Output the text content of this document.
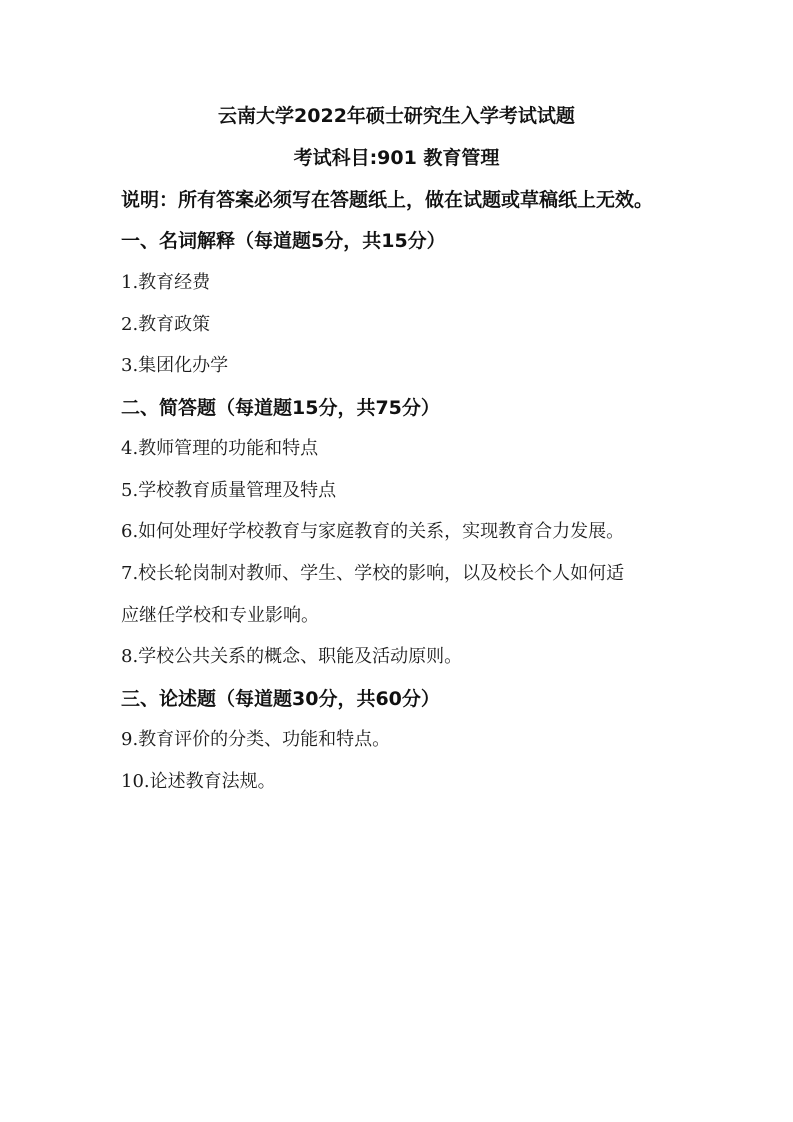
云南大学2022年硕士研究生入学考试试题
考试科目:901 教育管理
说明：所有答案必须写在答题纸上，做在试题或草稿纸上无效。
一、名词解释（每道题5分，共15分）
1.教育经费
2.教育政策
3.集团化办学
二、简答题（每道题15分，共75分）
4.教师管理的功能和特点
5.学校教育质量管理及特点
6.如何处理好学校教育与家庭教育的关系，实现教育合力发展。
7.校长轮岗制对教师、学生、学校的影响，以及校长个人如何适
应继任学校和专业影响。
8.学校公共关系的概念、职能及活动原则。
三、论述题（每道题30分，共60分）
9.教育评价的分类、功能和特点。
10.论述教育法规。
